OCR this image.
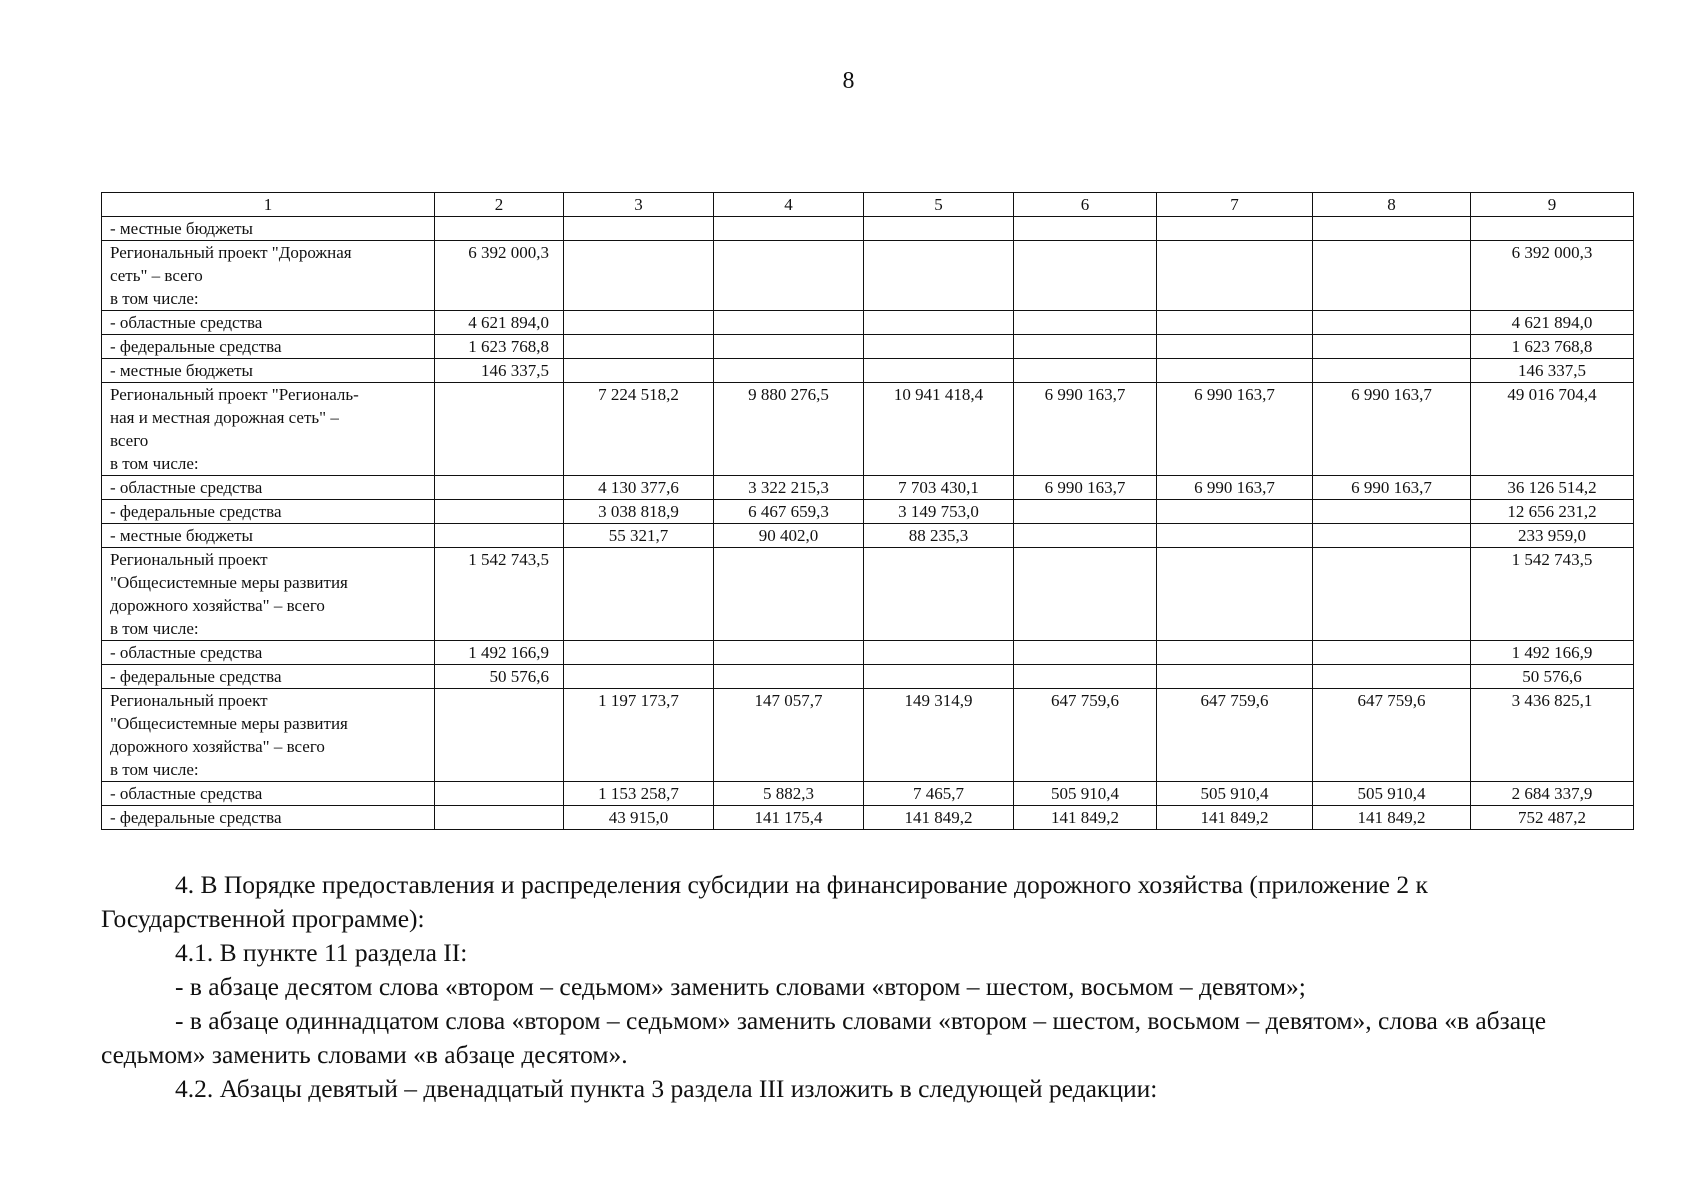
8
1	2	3	4	5	6	7	8	9

- местные бюджеты								

Региональный проект "Дорожная
сеть" – всего
в том числе:	6 392 000,3							6 392 000,3

- областные средства	4 621 894,0							4 621 894,0

- федеральные средства	1 623 768,8							1 623 768,8

- местные бюджеты	146 337,5							146 337,5

Региональный проект "Региональ-
ная и местная дорожная сеть" –
всего
в том числе:		7 224 518,2	9 880 276,5	10 941 418,4	6 990 163,7	6 990 163,7	6 990 163,7	49 016 704,4

- областные средства		4 130 377,6	3 322 215,3	7 703 430,1	6 990 163,7	6 990 163,7	6 990 163,7	36 126 514,2

- федеральные средства		3 038 818,9	6 467 659,3	3 149 753,0				12 656 231,2

- местные бюджеты		55 321,7	90 402,0	88 235,3				233 959,0

Региональный проект
"Общесистемные меры развития
дорожного хозяйства" – всего
в том числе:	1 542 743,5							1 542 743,5

- областные средства	1 492 166,9							1 492 166,9

- федеральные средства	50 576,6							50 576,6

Региональный проект
"Общесистемные меры развития
дорожного хозяйства" – всего
в том числе:		1 197 173,7	147 057,7	149 314,9	647 759,6	647 759,6	647 759,6	3 436 825,1

- областные средства		1 153 258,7	5 882,3	7 465,7	505 910,4	505 910,4	505 910,4	2 684 337,9

- федеральные средства		43 915,0	141 175,4	141 849,2	141 849,2	141 849,2	141 849,2	752 487,2

4. В Порядке предоставления и распределения субсидии на финансирование дорожного хозяйства (приложение 2 к Государственной программе):

4.1. В пункте 11 раздела II:

- в абзаце десятом слова «втором – седьмом» заменить словами «втором – шестом, восьмом – девятом»;

- в абзаце одиннадцатом слова «втором – седьмом» заменить словами «втором – шестом, восьмом – девятом», слова «в абзаце седьмом» заменить словами «в абзаце десятом».

4.2. Абзацы девятый – двенадцатый пункта 3 раздела III изложить в следующей редакции:
